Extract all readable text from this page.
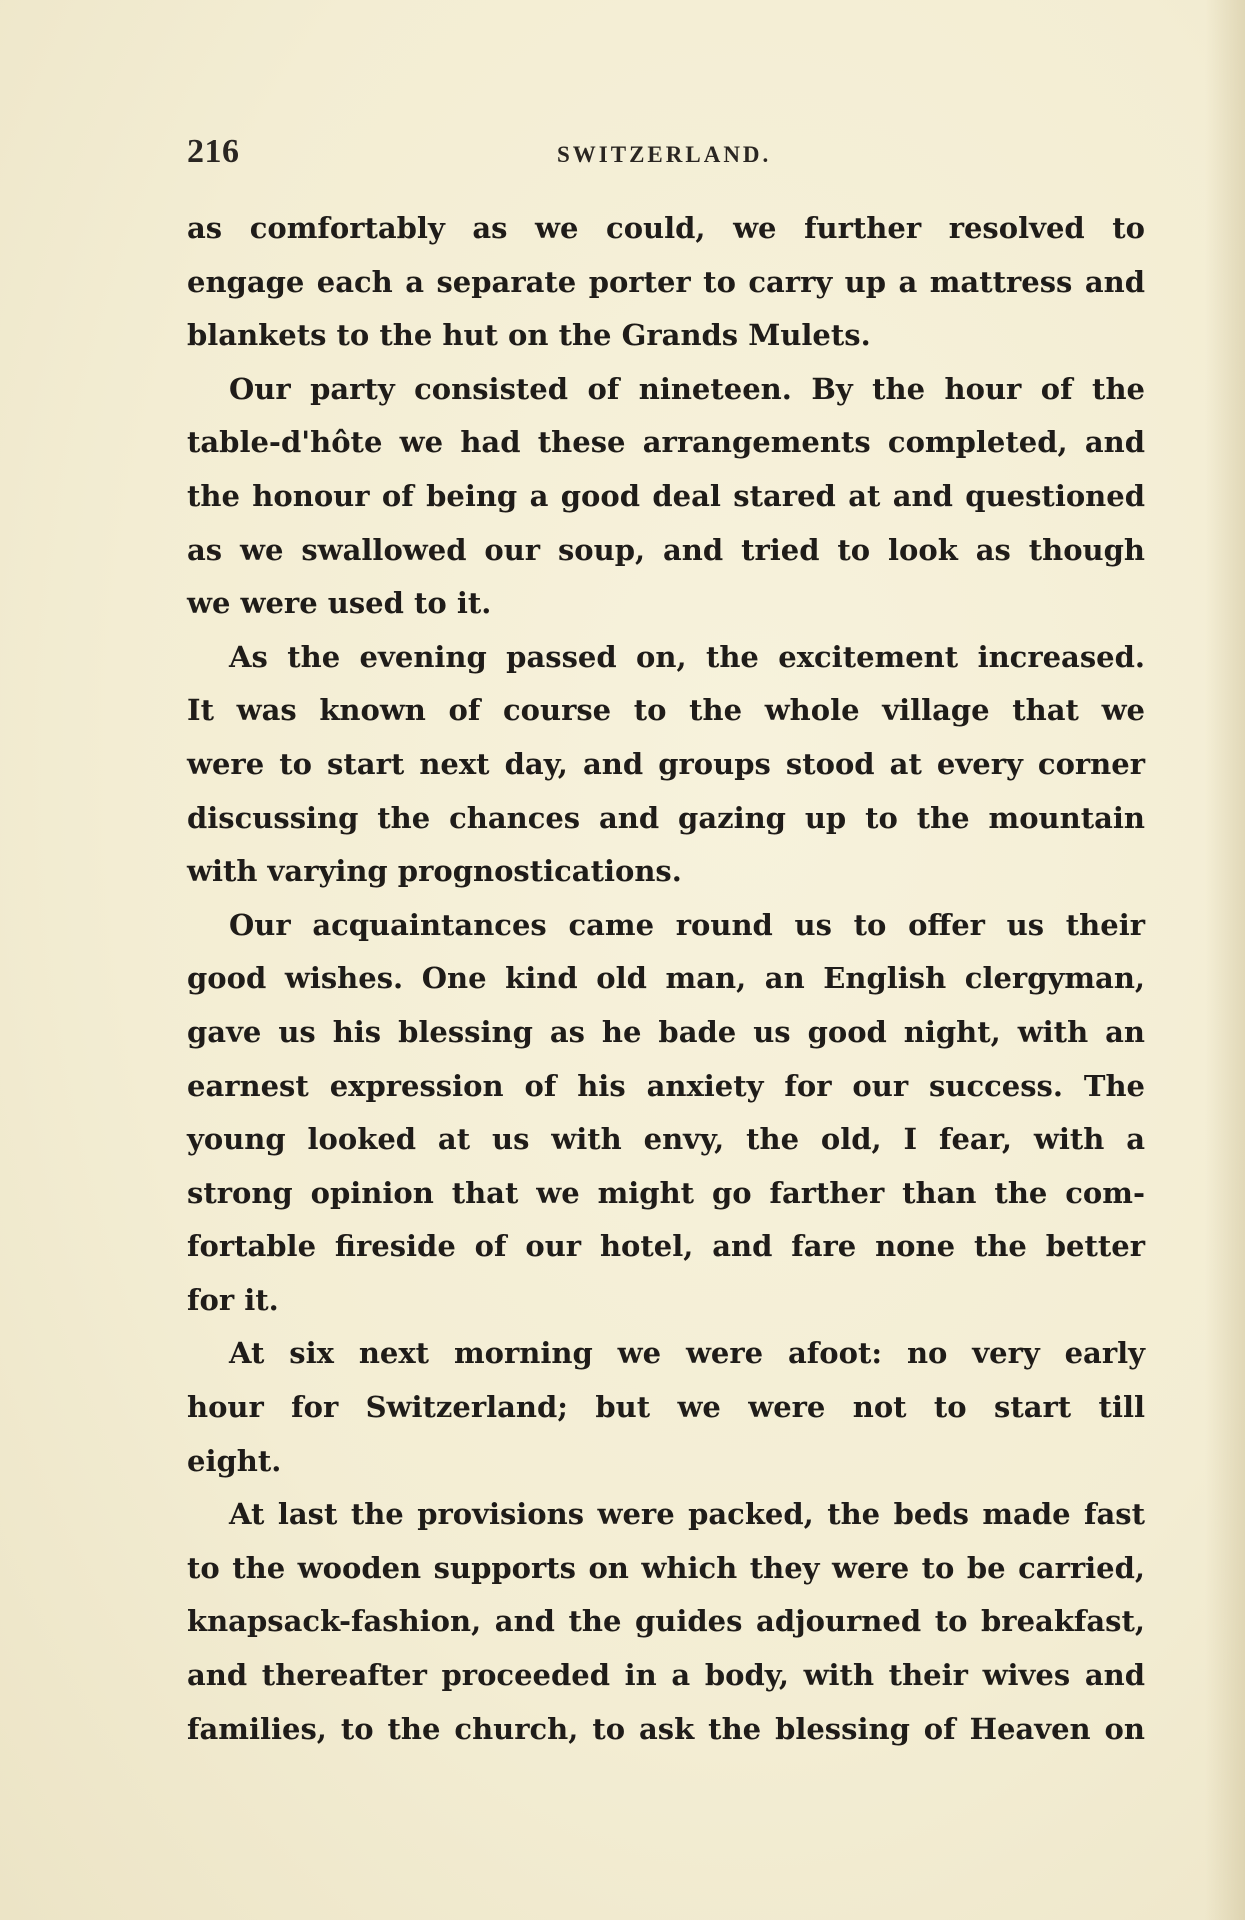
216	SWITZERLAND.

as comfortably as we could, we further resolved to
engage each a separate porter to carry up a mattress and
blankets to the hut on the Grands Mulets.

Our party consisted of nineteen. By the hour of the
table-d'hôte we had these arrangements completed, and
the honour of being a good deal stared at and questioned
as we swallowed our soup, and tried to look as though
we were used to it.

As the evening passed on, the excitement increased.
It was known of course to the whole village that we
were to start next day, and groups stood at every corner
discussing the chances and gazing up to the mountain
with varying prognostications.

Our acquaintances came round us to offer us their
good wishes. One kind old man, an English clergyman,
gave us his blessing as he bade us good night, with an
earnest expression of his anxiety for our success. The
young looked at us with envy, the old, I fear, with a
strong opinion that we might go farther than the com-
fortable fireside of our hotel, and fare none the better
for it.

At six next morning we were afoot: no very early
hour for Switzerland; but we were not to start till
eight.

At last the provisions were packed, the beds made fast
to the wooden supports on which they were to be carried,
knapsack-fashion, and the guides adjourned to breakfast,
and thereafter proceeded in a body, with their wives and
families, to the church, to ask the blessing of Heaven on
